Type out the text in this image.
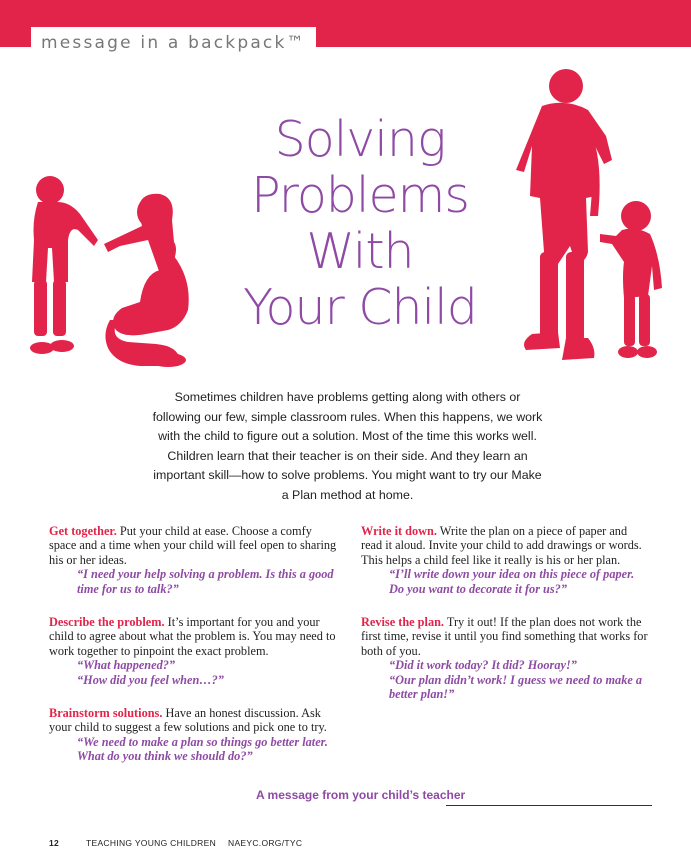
message in a backpack™
Solving
Problems
With
Your Child
Sometimes children have problems getting along with others or following our few, simple classroom rules. When this happens, we work with the child to figure out a solution. Most of the time this works well. Children learn that their teacher is on their side. And they learn an important skill—how to solve problems. You might want to try our Make a Plan method at home.
Get together. Put your child at ease. Choose a comfy space and a time when your child will feel open to sharing his or her ideas.
“I need your help solving a problem. Is this a good time for us to talk?”
Describe the problem. It’s important for you and your child to agree about what the problem is. You may need to work together to pinpoint the exact problem.
“What happened?”
“How did you feel when…?”
Brainstorm solutions. Have an honest discussion. Ask your child to suggest a few solutions and pick one to try.
“We need to make a plan so things go better later. What do you think we should do?”
Write it down. Write the plan on a piece of paper and read it aloud. Invite your child to add drawings or words. This helps a child feel like it really is his or her plan.
“I’ll write down your idea on this piece of paper. Do you want to decorate it for us?”
Revise the plan. Try it out! If the plan does not work the first time, revise it until you find something that works for both of you.
“Did it work today? It did? Hooray!”
“Our plan didn’t work! I guess we need to make a better plan!”
A message from your child’s teacher
12	TEACHING YOUNG CHILDREN NAEYC.ORG/TYC
